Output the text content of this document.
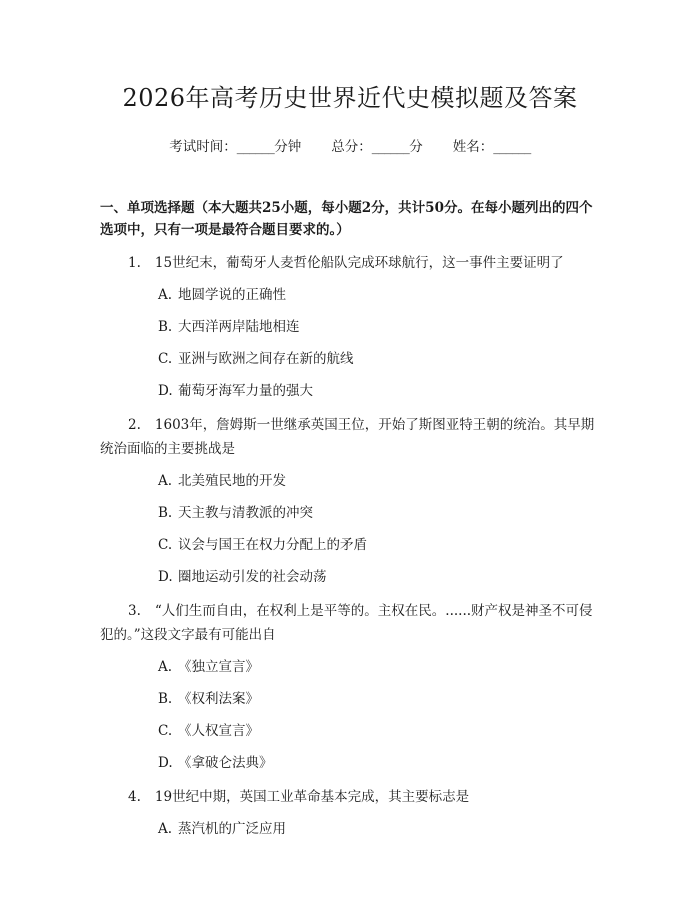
2026年高考历史世界近代史模拟题及答案
考试时间：______分钟 总分：______分 姓名：______
一、单项选择题（本大题共25小题，每小题2分，共计50分。在每小题列出的四个选项中，只有一项是最符合题目要求的。）
1. 15世纪末，葡萄牙人麦哲伦船队完成环球航行，这一事件主要证明了
A. 地圆学说的正确性
B. 大西洋两岸陆地相连
C. 亚洲与欧洲之间存在新的航线
D. 葡萄牙海军力量的强大
2. 1603年，詹姆斯一世继承英国王位，开始了斯图亚特王朝的统治。其早期统治面临的主要挑战是
A. 北美殖民地的开发
B. 天主教与清教派的冲突
C. 议会与国王在权力分配上的矛盾
D. 圈地运动引发的社会动荡
3. “人们生而自由，在权利上是平等的。主权在民。......财产权是神圣不可侵犯的。”这段文字最有可能出自
A. 《独立宣言》
B. 《权利法案》
C. 《人权宣言》
D. 《拿破仑法典》
4. 19世纪中期，英国工业革命基本完成，其主要标志是
A. 蒸汽机的广泛应用
